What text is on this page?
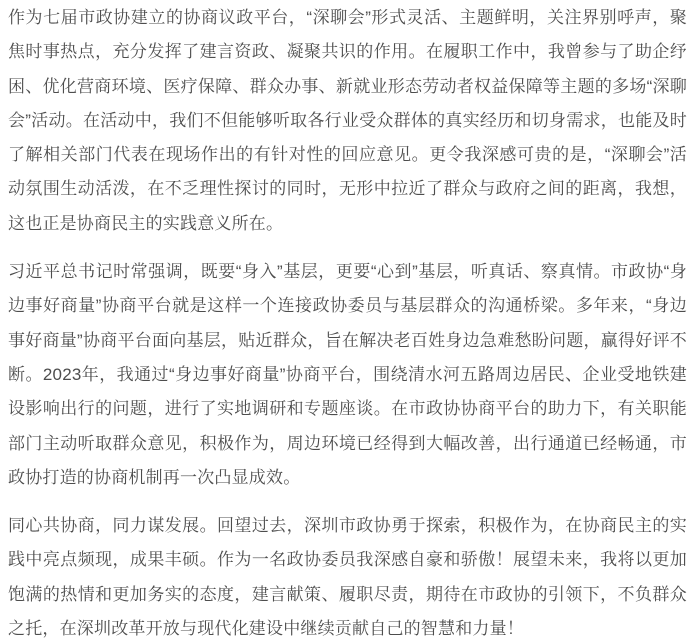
作为七届市政协建立的协商议政平台，“深聊会”形式灵活、主题鲜明，关注界别呼声，聚焦时事热点，充分发挥了建言资政、凝聚共识的作用。在履职工作中，我曾参与了助企纾困、优化营商环境、医疗保障、群众办事、新就业形态劳动者权益保障等主题的多场“深聊会”活动。在活动中，我们不但能够听取各行业受众群体的真实经历和切身需求，也能及时了解相关部门代表在现场作出的有针对性的回应意见。更令我深感可贵的是，“深聊会”活动氛围生动活泼，在不乏理性探讨的同时，无形中拉近了群众与政府之间的距离，我想，这也正是协商民主的实践意义所在。

习近平总书记时常强调，既要“身入”基层，更要“心到”基层，听真话、察真情。市政协“身边事好商量”协商平台就是这样一个连接政协委员与基层群众的沟通桥梁。多年来，“身边事好商量”协商平台面向基层，贴近群众，旨在解决老百姓身边急难愁盼问题，赢得好评不断。2023年，我通过“身边事好商量”协商平台，围绕清水河五路周边居民、企业受地铁建设影响出行的问题，进行了实地调研和专题座谈。在市政协协商平台的助力下，有关职能部门主动听取群众意见，积极作为，周边环境已经得到大幅改善，出行通道已经畅通，市政协打造的协商机制再一次凸显成效。

同心共协商，同力谋发展。回望过去，深圳市政协勇于探索，积极作为，在协商民主的实践中亮点频现，成果丰硕。作为一名政协委员我深感自豪和骄傲！展望未来，我将以更加饱满的热情和更加务实的态度，建言献策、履职尽责，期待在市政协的引领下，不负群众之托，在深圳改革开放与现代化建设中继续贡献自己的智慧和力量！
